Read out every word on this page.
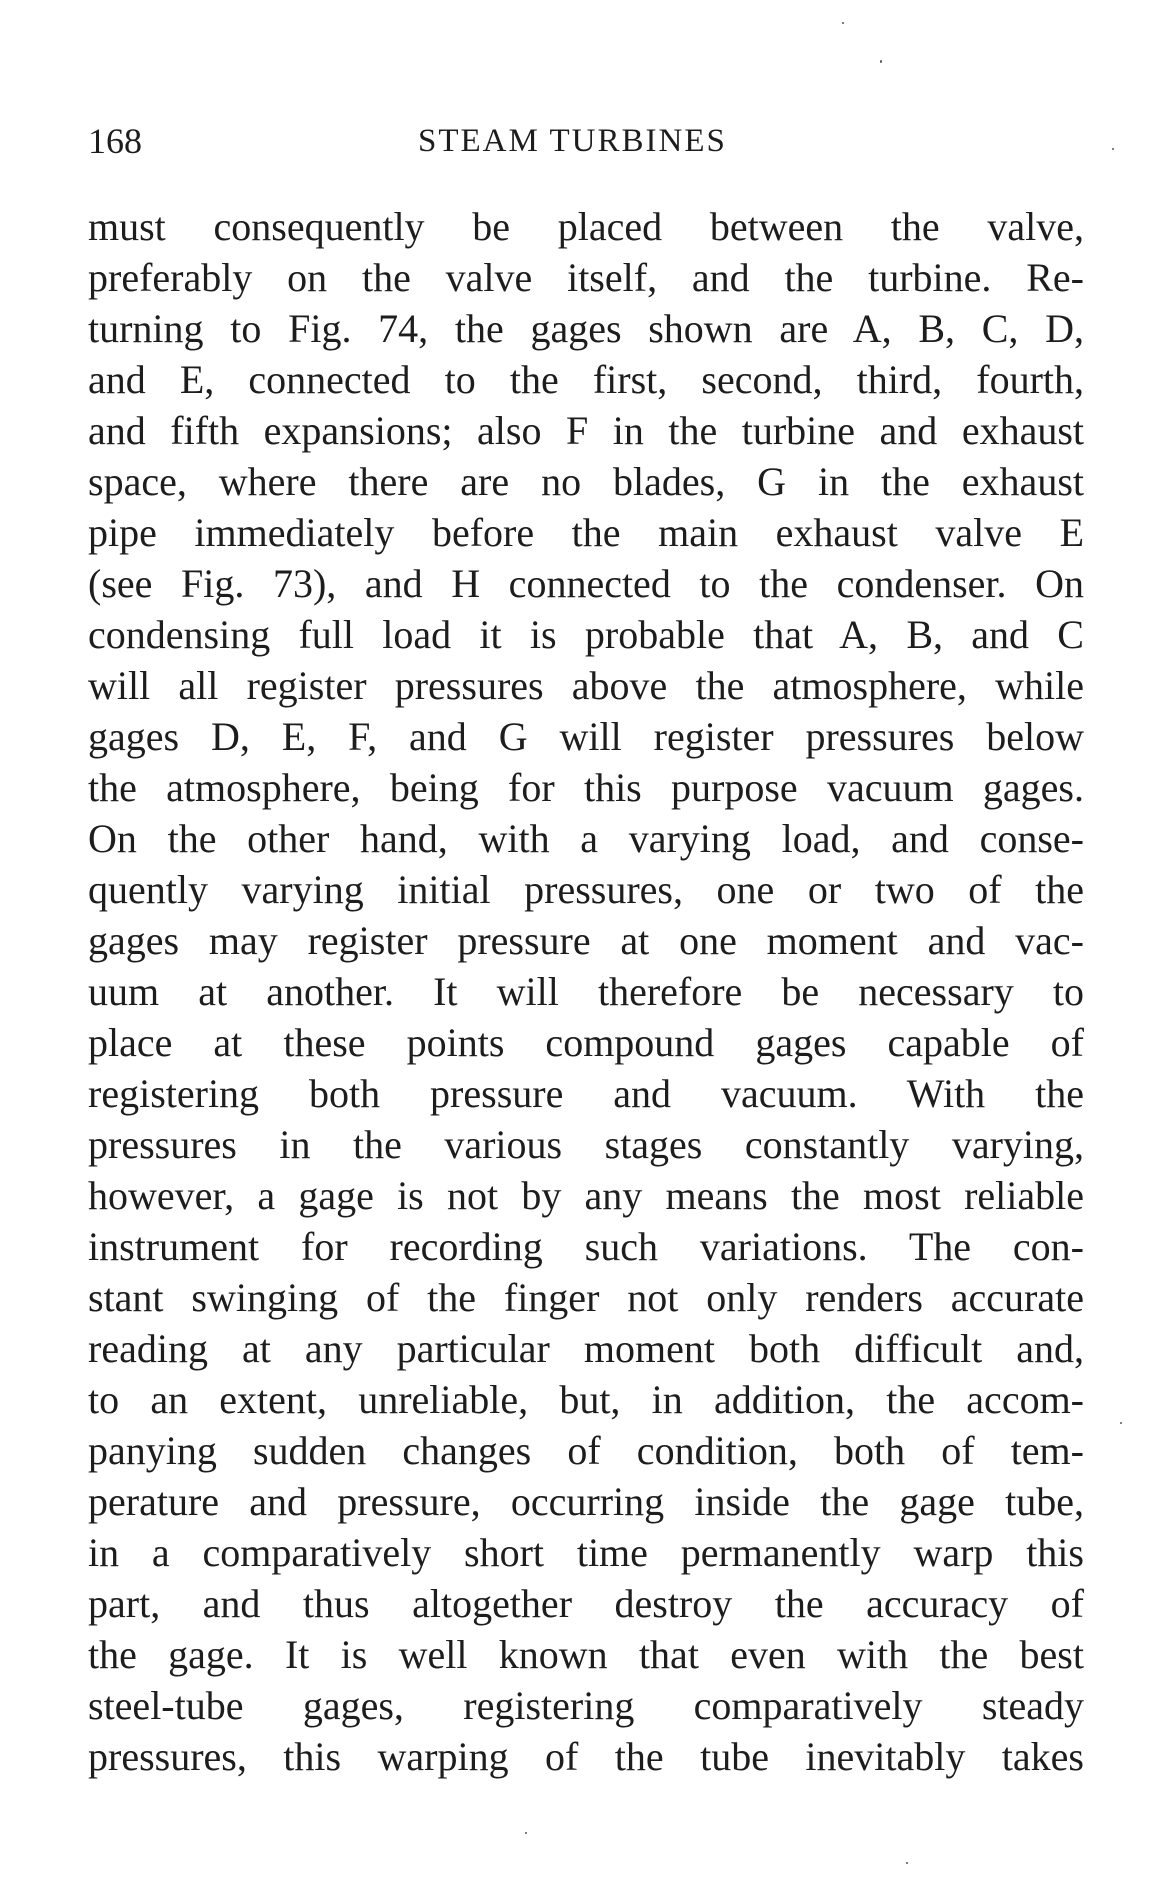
168	STEAM TURBINES
must consequently be placed between the valve,
preferably on the valve itself, and the turbine. Re-
turning to Fig. 74, the gages shown are A, B, C, D,
and E, connected to the first, second, third, fourth,
and fifth expansions; also F in the turbine and exhaust
space, where there are no blades, G in the exhaust
pipe immediately before the main exhaust valve E
(see Fig. 73), and H connected to the condenser. On
condensing full load it is probable that A, B, and C
will all register pressures above the atmosphere, while
gages D, E, F, and G will register pressures below
the atmosphere, being for this purpose vacuum gages.
On the other hand, with a varying load, and conse-
quently varying initial pressures, one or two of the
gages may register pressure at one moment and vac-
uum at another. It will therefore be necessary to
place at these points compound gages capable of
registering both pressure and vacuum. With the
pressures in the various stages constantly varying,
however, a gage is not by any means the most reliable
instrument for recording such variations. The con-
stant swinging of the finger not only renders accurate
reading at any particular moment both difficult and,
to an extent, unreliable, but, in addition, the accom-
panying sudden changes of condition, both of tem-
perature and pressure, occurring inside the gage tube,
in a comparatively short time permanently warp this
part, and thus altogether destroy the accuracy of
the gage. It is well known that even with the best
steel-tube gages, registering comparatively steady
pressures, this warping of the tube inevitably takes
